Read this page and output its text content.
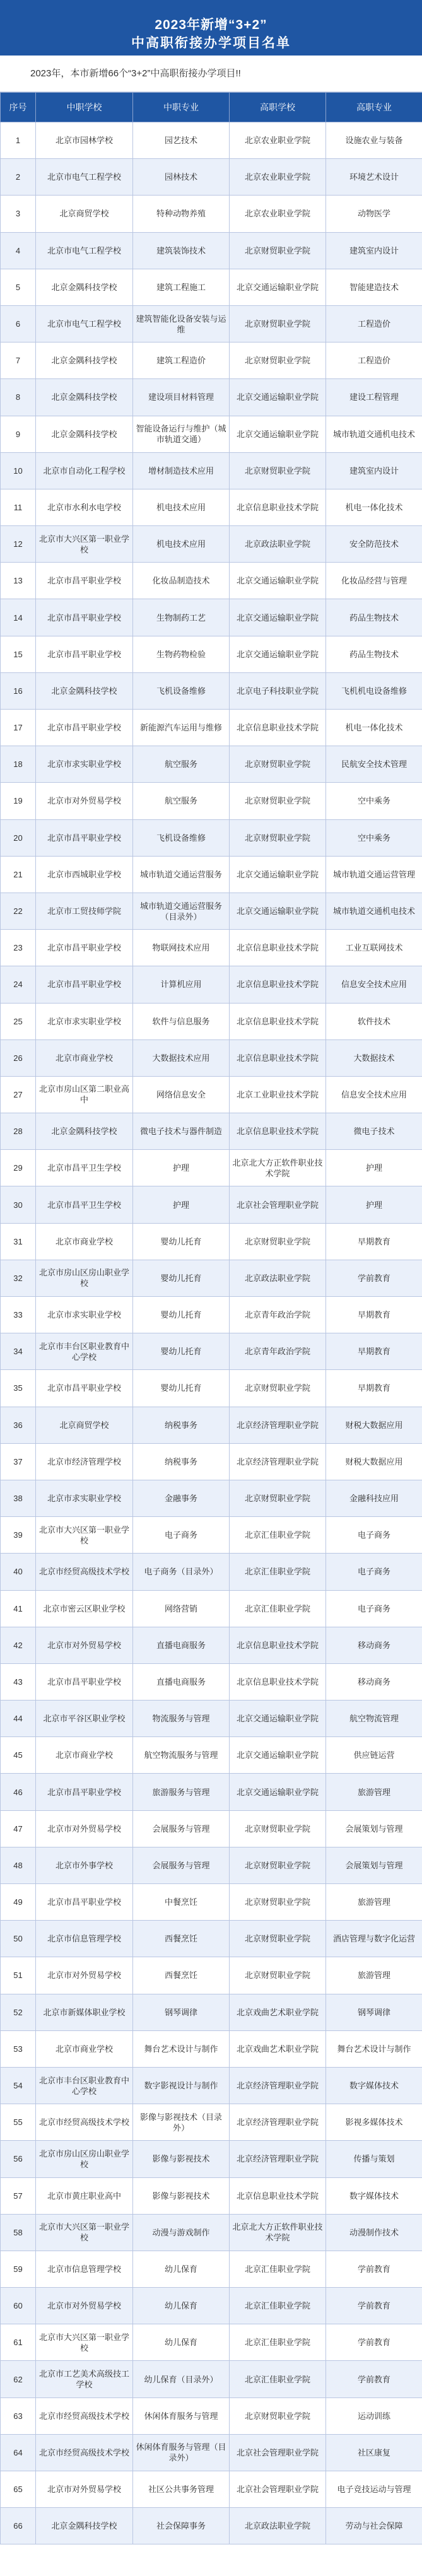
2023年新增“3+2”
中高职衔接办学项目名单
2023年，本市新增66个“3+2”中高职衔接办学项目!!
序号	中职学校	中职专业	高职学校	高职专业
1	北京市园林学校	园艺技术	北京农业职业学院	设施农业与装备
2	北京市电气工程学校	园林技术	北京农业职业学院	环境艺术设计
3	北京商贸学校	特种动物养殖	北京农业职业学院	动物医学
4	北京市电气工程学校	建筑装饰技术	北京财贸职业学院	建筑室内设计
5	北京金隅科技学校	建筑工程施工	北京交通运输职业学院	智能建造技术
6	北京市电气工程学校	建筑智能化设备安装与运维	北京财贸职业学院	工程造价
7	北京金隅科技学校	建筑工程造价	北京财贸职业学院	工程造价
8	北京金隅科技学校	建设项目材料管理	北京交通运输职业学院	建设工程管理
9	北京金隅科技学校	智能设备运行与维护（城市轨道交通）	北京交通运输职业学院	城市轨道交通机电技术
10	北京市自动化工程学校	增材制造技术应用	北京财贸职业学院	建筑室内设计
11	北京市水利水电学校	机电技术应用	北京信息职业技术学院	机电一体化技术
12	北京市大兴区第一职业学校	机电技术应用	北京政法职业学院	安全防范技术
13	北京市昌平职业学校	化妆品制造技术	北京交通运输职业学院	化妆品经营与管理
14	北京市昌平职业学校	生物制药工艺	北京交通运输职业学院	药品生物技术
15	北京市昌平职业学校	生物药物检验	北京交通运输职业学院	药品生物技术
16	北京金隅科技学校	飞机设备维修	北京电子科技职业学院	飞机机电设备维修
17	北京市昌平职业学校	新能源汽车运用与维修	北京信息职业技术学院	机电一体化技术
18	北京市求实职业学校	航空服务	北京财贸职业学院	民航安全技术管理
19	北京市对外贸易学校	航空服务	北京财贸职业学院	空中乘务
20	北京市昌平职业学校	飞机设备维修	北京财贸职业学院	空中乘务
21	北京市西城职业学校	城市轨道交通运营服务	北京交通运输职业学院	城市轨道交通运营管理
22	北京市工贸技师学院	城市轨道交通运营服务（目录外）	北京交通运输职业学院	城市轨道交通机电技术
23	北京市昌平职业学校	物联网技术应用	北京信息职业技术学院	工业互联网技术
24	北京市昌平职业学校	计算机应用	北京信息职业技术学院	信息安全技术应用
25	北京市求实职业学校	软件与信息服务	北京信息职业技术学院	软件技术
26	北京市商业学校	大数据技术应用	北京信息职业技术学院	大数据技术
27	北京市房山区第二职业高中	网络信息安全	北京工业职业技术学院	信息安全技术应用
28	北京金隅科技学校	微电子技术与器件制造	北京信息职业技术学院	微电子技术
29	北京市昌平卫生学校	护理	北京北大方正软件职业技术学院	护理
30	北京市昌平卫生学校	护理	北京社会管理职业学院	护理
31	北京市商业学校	婴幼儿托育	北京财贸职业学院	早期教育
32	北京市房山区房山职业学校	婴幼儿托育	北京政法职业学院	学前教育
33	北京市求实职业学校	婴幼儿托育	北京青年政治学院	早期教育
34	北京市丰台区职业教育中心学校	婴幼儿托育	北京青年政治学院	早期教育
35	北京市昌平职业学校	婴幼儿托育	北京财贸职业学院	早期教育
36	北京商贸学校	纳税事务	北京经济管理职业学院	财税大数据应用
37	北京市经济管理学校	纳税事务	北京经济管理职业学院	财税大数据应用
38	北京市求实职业学校	金融事务	北京财贸职业学院	金融科技应用
39	北京市大兴区第一职业学校	电子商务	北京汇佳职业学院	电子商务
40	北京市经贸高级技术学校	电子商务（目录外）	北京汇佳职业学院	电子商务
41	北京市密云区职业学校	网络营销	北京汇佳职业学院	电子商务
42	北京市对外贸易学校	直播电商服务	北京信息职业技术学院	移动商务
43	北京市昌平职业学校	直播电商服务	北京信息职业技术学院	移动商务
44	北京市平谷区职业学校	物流服务与管理	北京交通运输职业学院	航空物流管理
45	北京市商业学校	航空物流服务与管理	北京交通运输职业学院	供应链运营
46	北京市昌平职业学校	旅游服务与管理	北京交通运输职业学院	旅游管理
47	北京市对外贸易学校	会展服务与管理	北京财贸职业学院	会展策划与管理
48	北京市外事学校	会展服务与管理	北京财贸职业学院	会展策划与管理
49	北京市昌平职业学校	中餐烹饪	北京财贸职业学院	旅游管理
50	北京市信息管理学校	西餐烹饪	北京财贸职业学院	酒店管理与数字化运营
51	北京市对外贸易学校	西餐烹饪	北京财贸职业学院	旅游管理
52	北京市新媒体职业学校	钢琴调律	北京戏曲艺术职业学院	钢琴调律
53	北京市商业学校	舞台艺术设计与制作	北京戏曲艺术职业学院	舞台艺术设计与制作
54	北京市丰台区职业教育中心学校	数字影视设计与制作	北京经济管理职业学院	数字媒体技术
55	北京市经贸高级技术学校	影像与影视技术（目录外）	北京经济管理职业学院	影视多媒体技术
56	北京市房山区房山职业学校	影像与影视技术	北京经济管理职业学院	传播与策划
57	北京市黄庄职业高中	影像与影视技术	北京信息职业技术学院	数字媒体技术
58	北京市大兴区第一职业学校	动漫与游戏制作	北京北大方正软件职业技术学院	动漫制作技术
59	北京市信息管理学校	幼儿保育	北京汇佳职业学院	学前教育
60	北京市对外贸易学校	幼儿保育	北京汇佳职业学院	学前教育
61	北京市大兴区第一职业学校	幼儿保育	北京汇佳职业学院	学前教育
62	北京市工艺美术高级技工学校	幼儿保育（目录外）	北京汇佳职业学院	学前教育
63	北京市经贸高级技术学校	休闲体育服务与管理	北京财贸职业学院	运动训练
64	北京市经贸高级技术学校	休闲体育服务与管理（目录外）	北京社会管理职业学院	社区康复
65	北京市对外贸易学校	社区公共事务管理	北京社会管理职业学院	电子竞技运动与管理
66	北京金隅科技学校	社会保障事务	北京政法职业学院	劳动与社会保障
